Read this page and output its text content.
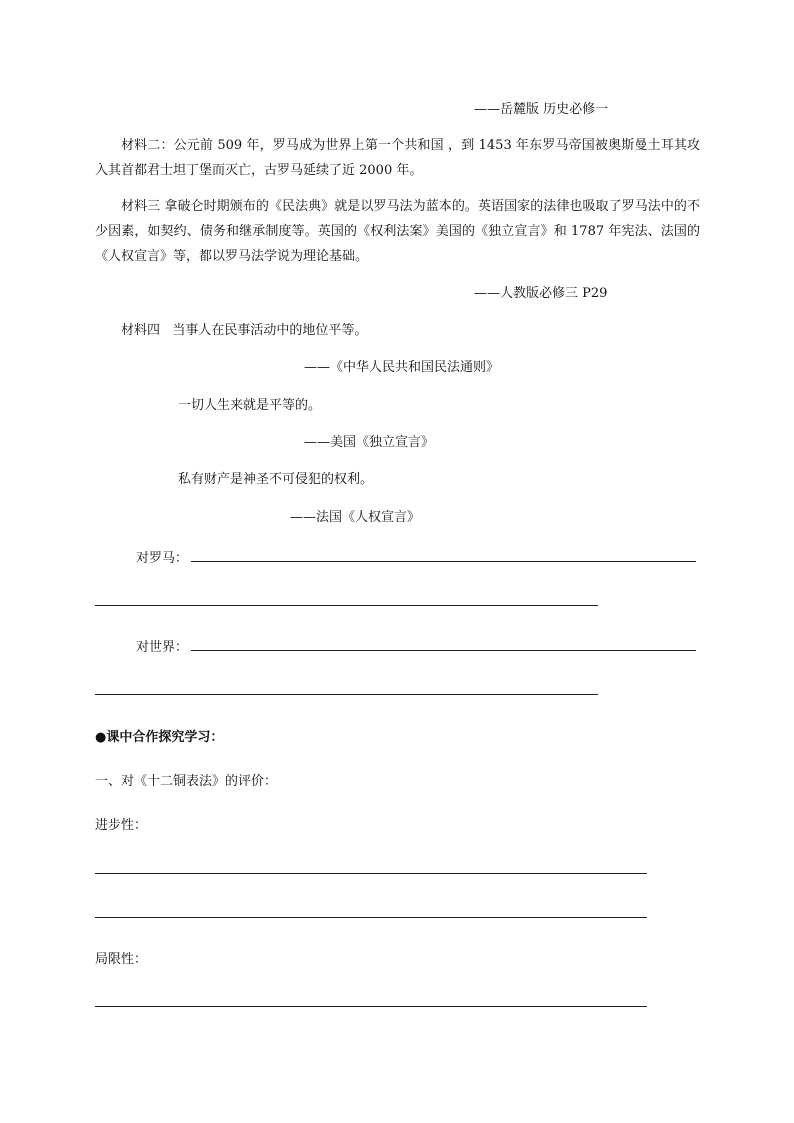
——岳麓版 历史必修一
材料二：公元前 509 年，罗马成为世界上第一个共和国 ，到 1453 年东罗马帝国被奥斯曼土耳其攻入其首都君士坦丁堡而灭亡，古罗马延续了近 2000 年。
材料三 拿破仑时期颁布的《民法典》就是以罗马法为蓝本的。英语国家的法律也吸取了罗马法中的不少因素，如契约、债务和继承制度等。英国的《权利法案》美国的《独立宣言》和 1787 年宪法、法国的《人权宣言》等，都以罗马法学说为理论基础。
——人教版必修三 P29
材料四 当事人在民事活动中的地位平等。
——《中华人民共和国民法通则》
一切人生来就是平等的。
——美国《独立宣言》
私有财产是神圣不可侵犯的权利。
——法国《人权宣言》
对罗马：
对世界：
●课中合作探究学习：
一、对《十二铜表法》的评价：
进步性：
局限性：
